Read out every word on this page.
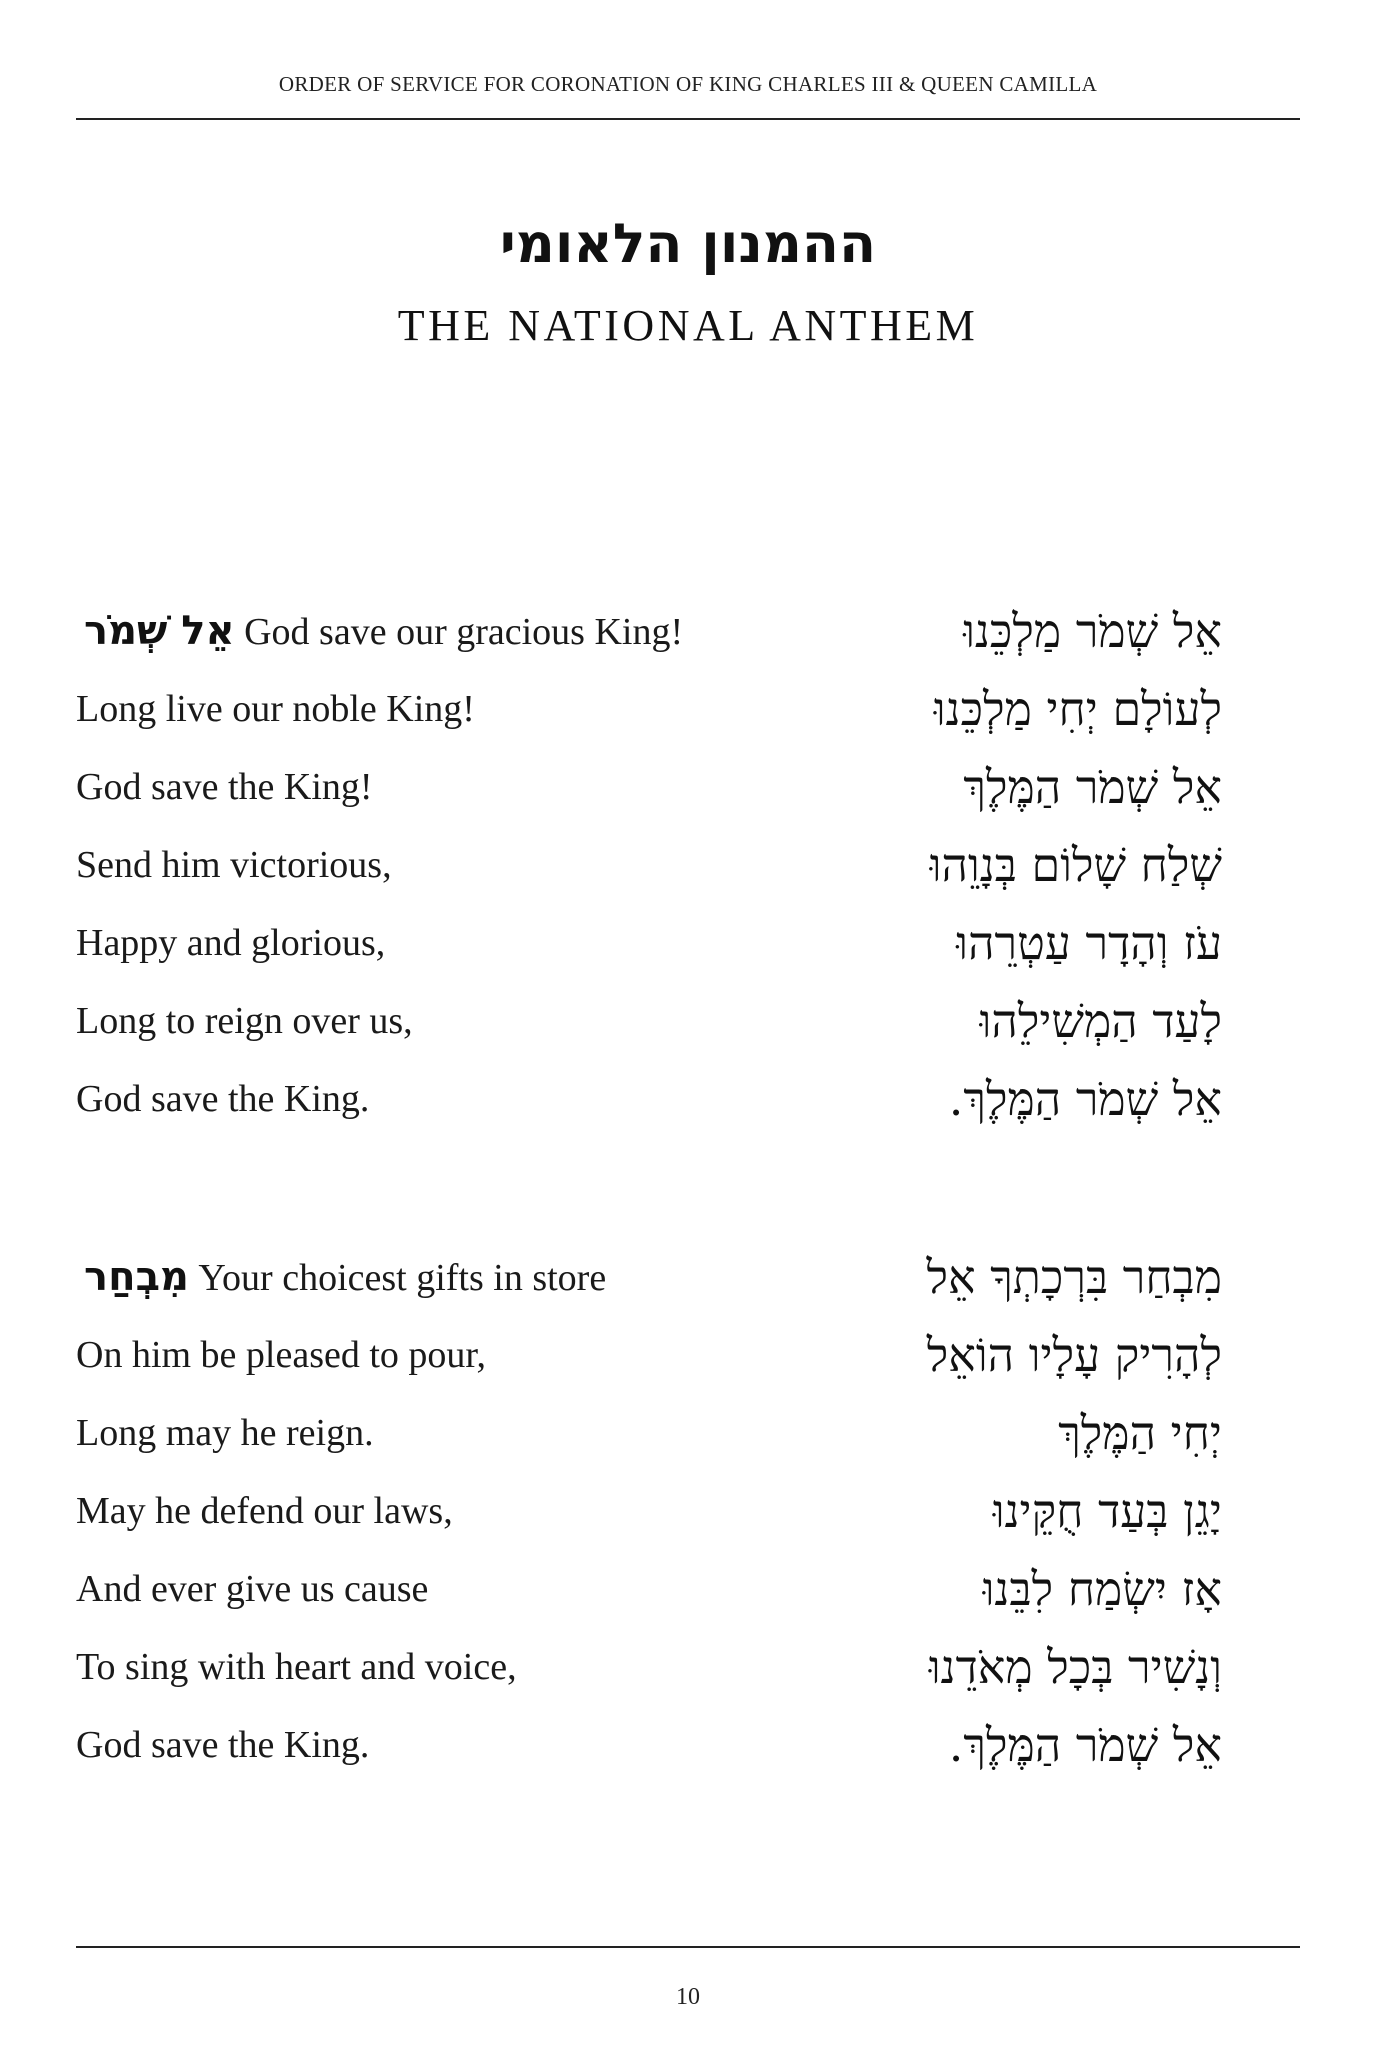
ORDER OF SERVICE FOR CORONATION OF KING CHARLES III & QUEEN CAMILLA
ההמנון הלאומי
THE NATIONAL ANTHEM
אֵל שְׁמֹר God save our gracious King!
Long live our noble King!
God save the King!
Send him victorious,
Happy and glorious,
Long to reign over us,
God save the King.
אֵל שְׁמֹר מַלְכֵּנוּ
לְעוֹלָם יְחִי מַלְכֵּנוּ
אֵל שְׁמֹר הַמֶּלֶךְ
שְׁלַח שָׁלוֹם בְּנָוֵהוּ
עֹז וְהָדָר עַטְרֵהוּ
לָעַד הַמְשִׁילֵהוּ
אֵל שְׁמֹר הַמֶּלֶךְ.
מִבְחַר Your choicest gifts in store
On him be pleased to pour,
Long may he reign.
May he defend our laws,
And ever give us cause
To sing with heart and voice,
God save the King.
מִבְחַר בִּרְכָתְךָ אֵל
לְהָרִיק עָלָיו הוֹאֵל
יְחִי הַמֶּלֶךְ
יָגֵן בְּעַד חֻקֵּינוּ
אָז יִשְׂמַח לִבֵּנוּ
וְנָשִׁיר בְּכָל מְאֹדֵנוּ
אֵל שְׁמֹר הַמֶּלֶךְ.
10
